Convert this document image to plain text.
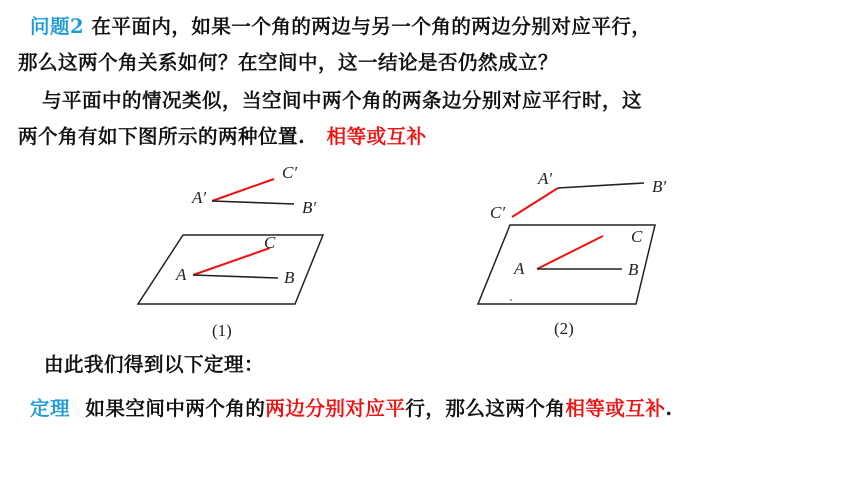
问题2 在平面内，如果一个角的两边与另一个角的两边分别对应平行，
那么这两个角关系如何？在空间中，这一结论是否仍然成立？
与平面中的情况类似，当空间中两个角的两条边分别对应平行时，这
两个角有如下图所示的两种位置. 相等或互补
A′
C′
B′
A
C
B
(1)
A′	B′
C′
A
C
B
(2)
由此我们得到以下定理：
定理 如果空间中两个角的两边分别对应平行，那么这两个角相等或互补.
